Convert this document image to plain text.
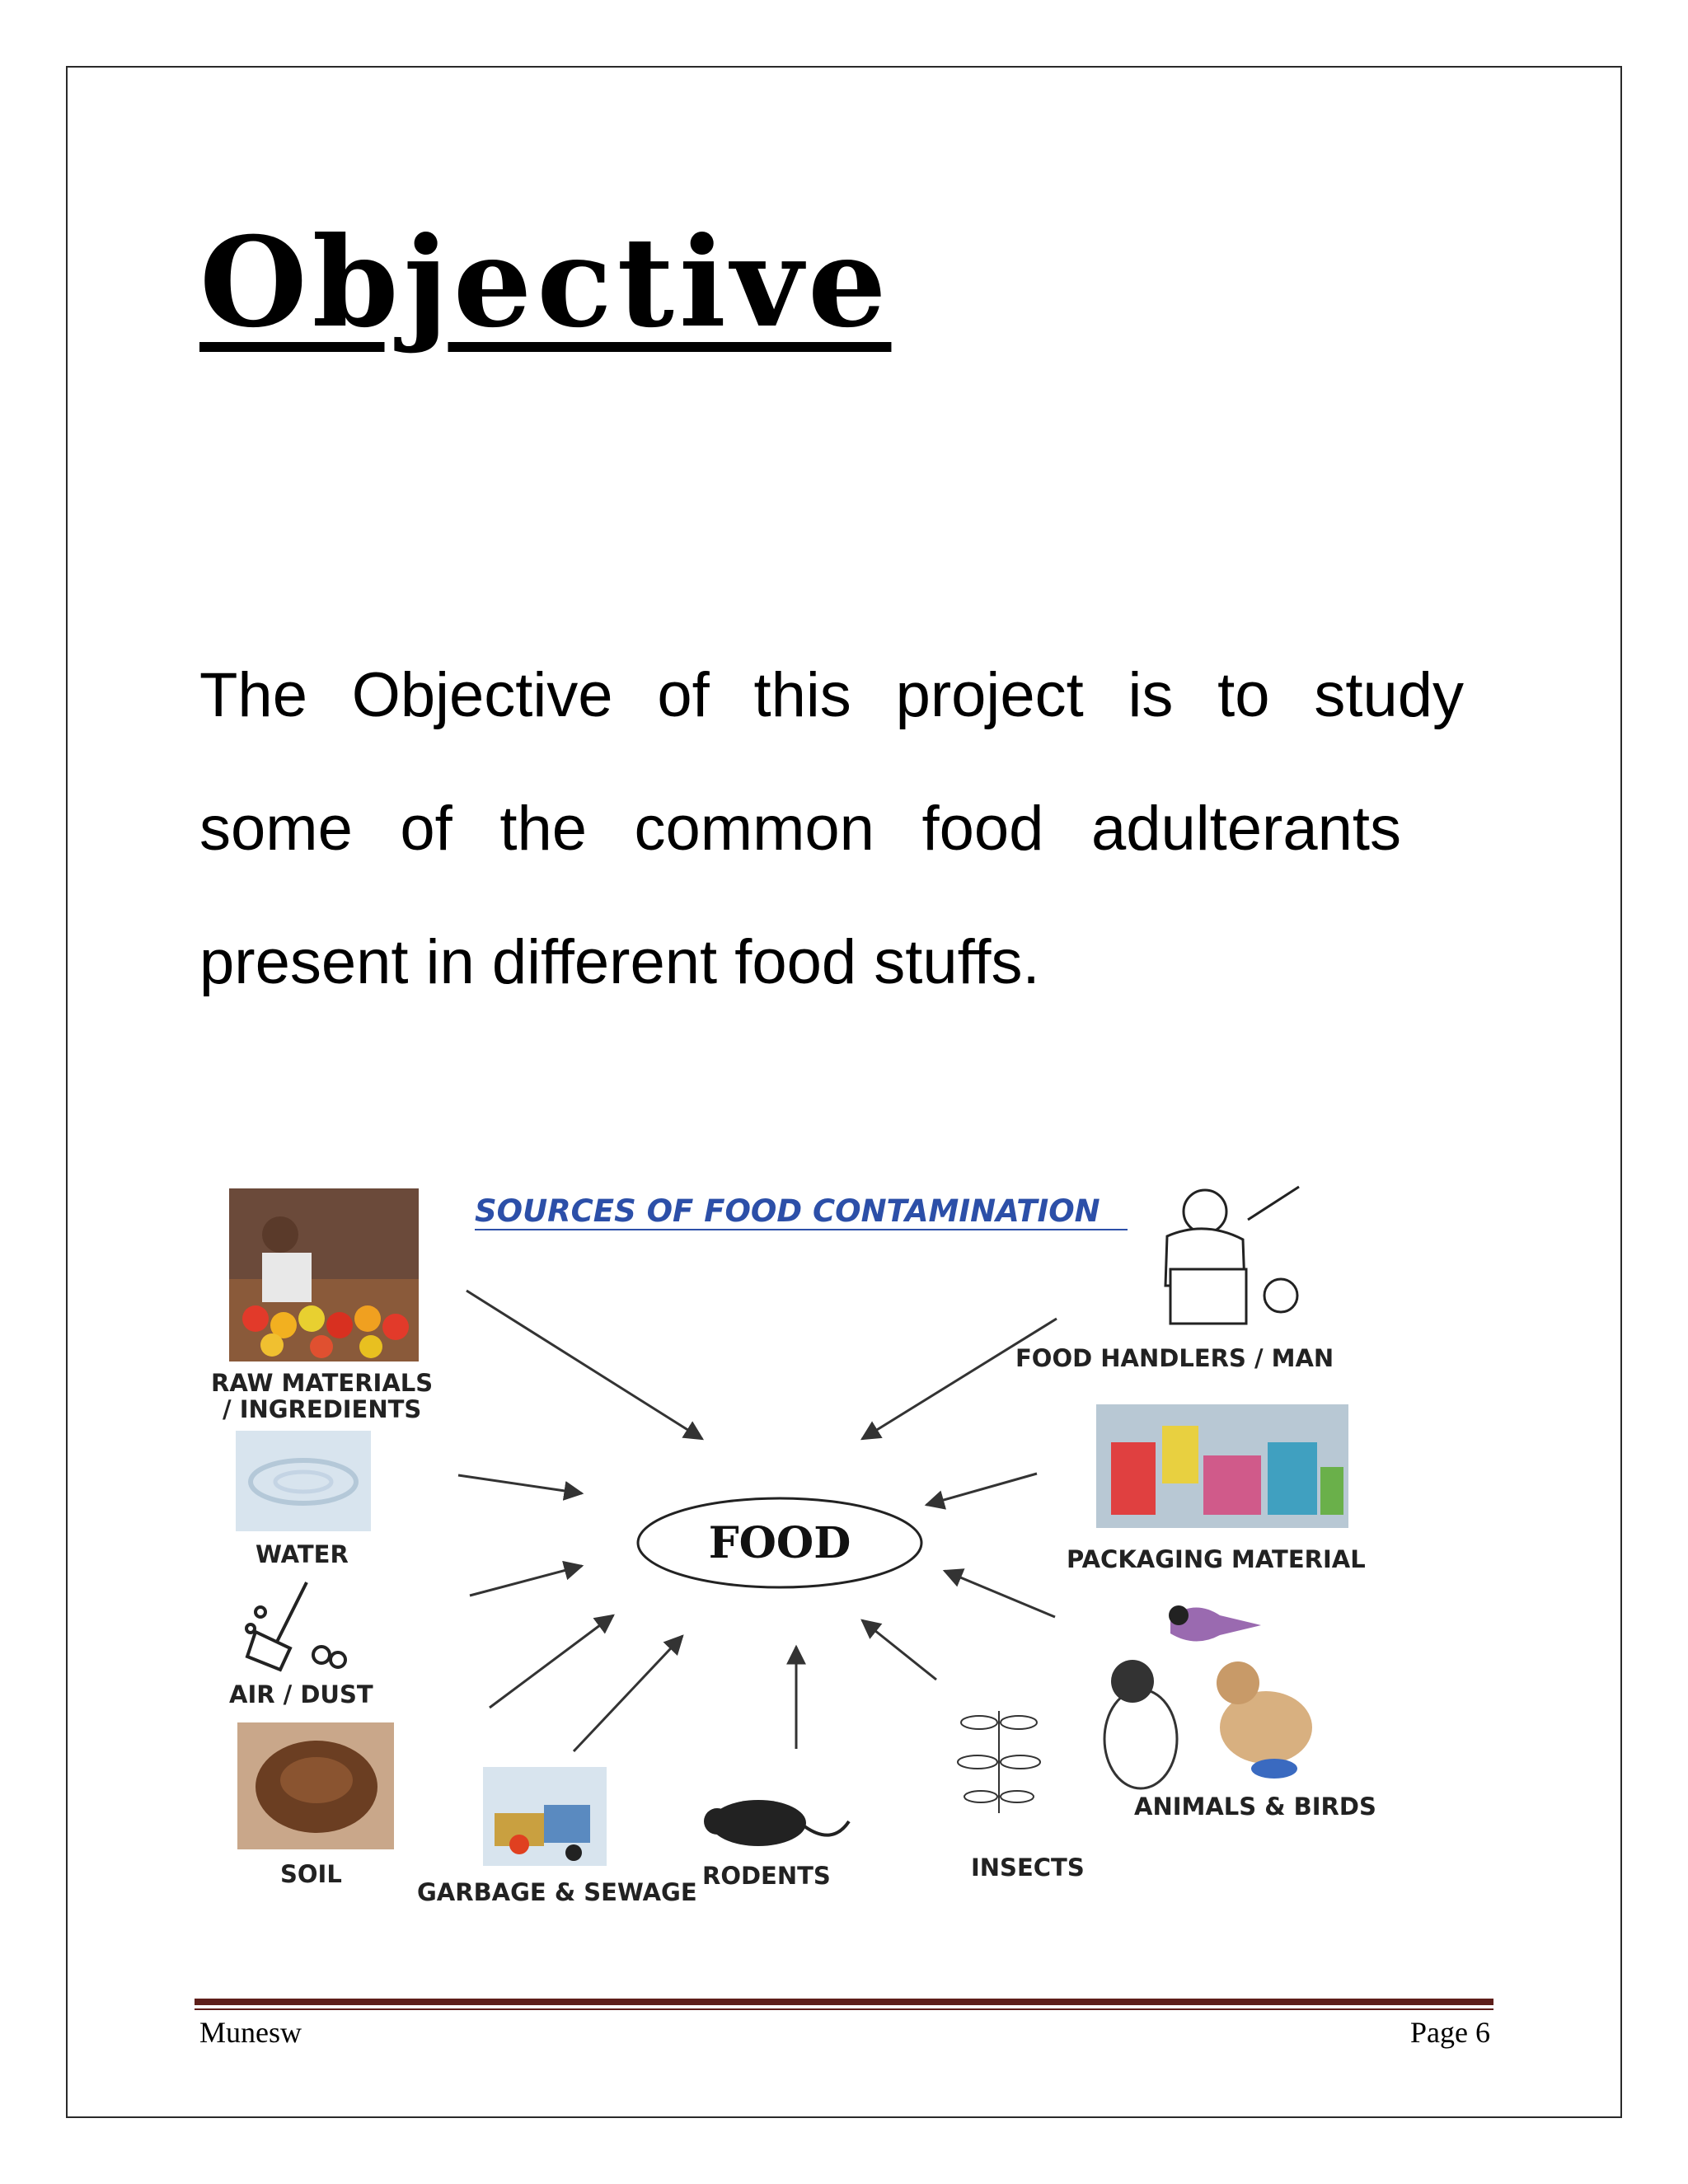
Objective
The Objective of this project is to study
some of the common food adulterants
present in different food stuffs.
SOURCES OF FOOD CONTAMINATION
FOOD
RAW MATERIALS
/ INGREDIENTS
WATER
AIR / DUST
SOIL
GARBAGE & SEWAGE
RODENTS	INSECTS
ANIMALS & BIRDS
PACKAGING MATERIAL
FOOD HANDLERS / MAN
Munesw	Page 6
